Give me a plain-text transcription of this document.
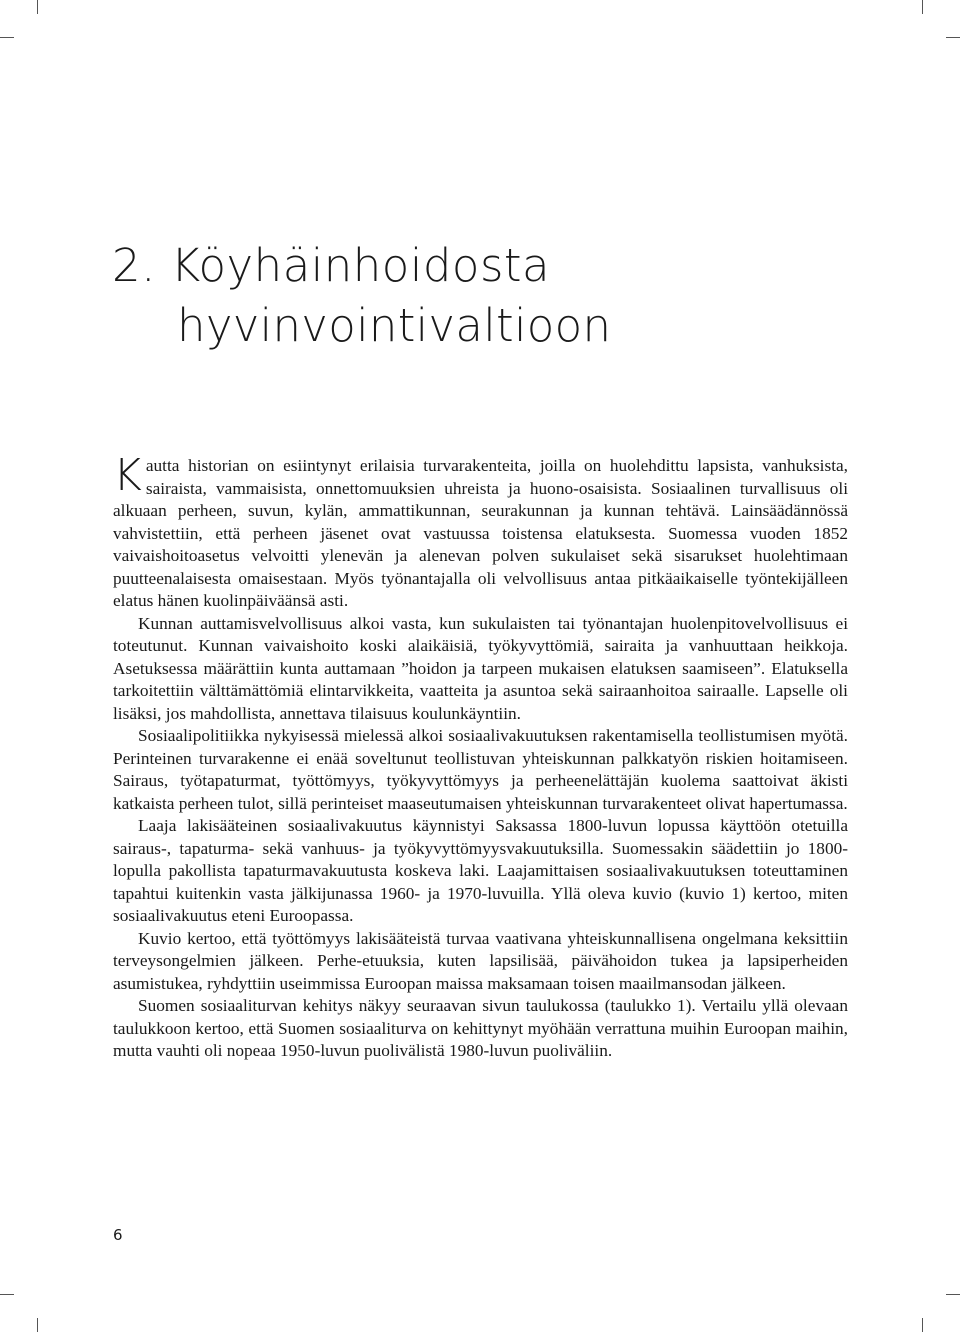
2. Köyhäinhoidosta
hyvinvointivaltioon

Kautta historian on esiintynyt erilaisia turvarakenteita, joilla on huolehdittu lapsista, vanhuksista, sairaista, vammaisista, onnettomuuksien uhreista ja huono-osaisista. Sosiaalinen turvallisuus oli alkuaan perheen, suvun, kylän, ammattikunnan, seurakunnan ja kunnan tehtävä. Lainsäädännössä vahvistettiin, että perheen jäsenet ovat vastuussa toistensa elatuksesta. Suomessa vuoden 1852 vaivaishoitoasetus velvoitti ylenevän ja alenevan polven sukulaiset sekä sisarukset huolehtimaan puutteenalaisesta omaisestaan. Myös työnantajalla oli velvollisuus antaa pitkäaikaiselle työntekijälleen elatus hänen kuolinpäiväänsä asti.

Kunnan auttamisvelvollisuus alkoi vasta, kun sukulaisten tai työnantajan huolenpitovelvollisuus ei toteutunut. Kunnan vaivaishoito koski alaikäisiä, työkyvyttömiä, sairaita ja vanhuuttaan heikkoja. Asetuksessa määrättiin kunta auttamaan ”hoidon ja tarpeen mukaisen elatuksen saamiseen”. Elatuksella tarkoitettiin välttämättömiä elintarvikkeita, vaatteita ja asuntoa sekä sairaanhoitoa sairaalle. Lapselle oli lisäksi, jos mahdollista, annettava tilaisuus koulunkäyntiin.

Sosiaalipolitiikka nykyisessä mielessä alkoi sosiaalivakuutuksen rakentamisella teollistumisen myötä. Perinteinen turvarakenne ei enää soveltunut teollistuvan yhteiskunnan palkkatyön riskien hoitamiseen. Sairaus, työtapaturmat, työttömyys, työkyvyttömyys ja perheenelättäjän kuolema saattoivat äkisti katkaista perheen tulot, sillä perinteiset maaseutumaisen yhteiskunnan turvarakenteet olivat hapertumassa.

Laaja lakisääteinen sosiaalivakuutus käynnistyi Saksassa 1800-luvun lopussa käyttöön otetuilla sairaus-, tapaturma- sekä vanhuus- ja työkyvyttömyysvakuutuksilla. Suomessakin säädettiin jo 1800-lopulla pakollista tapaturmavakuutusta koskeva laki. Laajamittaisen sosiaalivakuutuksen toteuttaminen tapahtui kuitenkin vasta jälkijunassa 1960- ja 1970-luvuilla. Yllä oleva kuvio (kuvio 1) kertoo, miten sosiaalivakuutus eteni Euroopassa.

Kuvio kertoo, että työttömyys lakisääteistä turvaa vaativana yhteiskunnallisena ongelmana keksittiin terveysongelmien jälkeen. Perhe-etuuksia, kuten lapsilisää, päivähoidon tukea ja lapsiperheiden asumistukea, ryhdyttiin useimmissa Euroopan maissa maksamaan toisen maailmansodan jälkeen.

Suomen sosiaaliturvan kehitys näkyy seuraavan sivun taulukossa (taulukko 1). Vertailu yllä olevaan taulukkoon kertoo, että Suomen sosiaaliturva on kehittynyt myöhään verrattuna muihin Euroopan maihin, mutta vauhti oli nopeaa 1950-luvun puolivälistä 1980-luvun puoliväliin.

6
